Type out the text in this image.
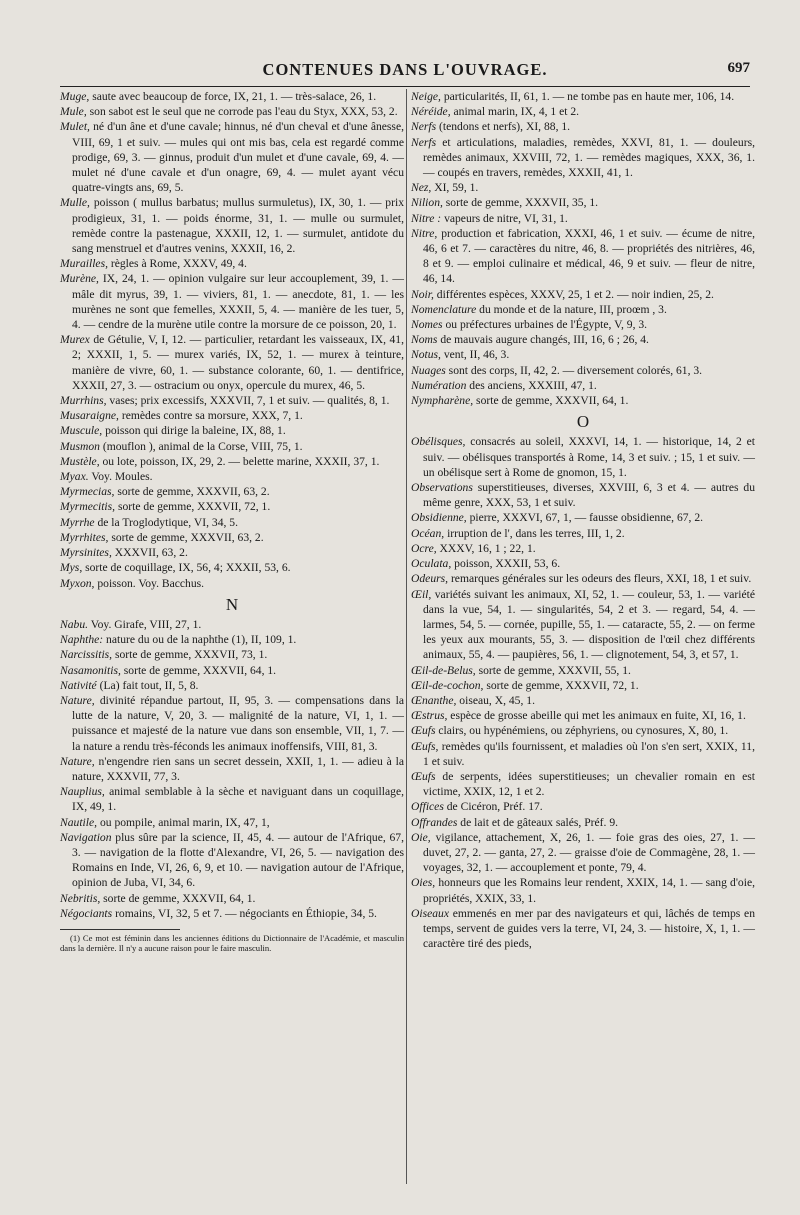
CONTENUES DANS L'OUVRAGE.	697

Muge, saute avec beaucoup de force, IX, 21, 1. — très-salace, 26, 1.

Mule, son sabot est le seul que ne corrode pas l'eau du Styx, XXX, 53, 2.

Mulet, né d'un âne et d'une cavale; hinnus, né d'un cheval et d'une ânesse, VIII, 69, 1 et suiv. — mules qui ont mis bas, cela est regardé comme prodige, 69, 3. — ginnus, produit d'un mulet et d'une cavale, 69, 4. — mulet né d'une cavale et d'un onagre, 69, 4. — mulet ayant vécu quatre-vingts ans, 69, 5.

Mulle, poisson ( mullus barbatus; mullus surmuletus), IX, 30, 1. — prix prodigieux, 31, 1. — poids énorme, 31, 1. — mulle ou surmulet, remède contre la pastenague, XXXII, 12, 1. — surmulet, antidote du sang menstruel et d'autres venins, XXXII, 16, 2.

Murailles, règles à Rome, XXXV, 49, 4.

Murène, IX, 24, 1. — opinion vulgaire sur leur accouplement, 39, 1. — mâle dit myrus, 39, 1. — viviers, 81, 1. — anecdote, 81, 1. — les murènes ne sont que femelles, XXXII, 5, 4. — manière de les tuer, 5, 4. — cendre de la murène utile contre la morsure de ce poisson, 20, 1.

Murex de Gétulie, V, I, 12. — particulier, retardant les vaisseaux, IX, 41, 2; XXXII, 1, 5. — murex variés, IX, 52, 1. — murex à teinture, manière de vivre, 60, 1. — substance colorante, 60, 1. — dentifrice, XXXII, 27, 3. — ostracium ou onyx, opercule du murex, 46, 5.

Murrhins, vases; prix excessifs, XXXVII, 7, 1 et suiv. — qualités, 8, 1.

Musaraigne, remèdes contre sa morsure, XXX, 7, 1.

Muscule, poisson qui dirige la baleine, IX, 88, 1.

Musmon (mouflon ), animal de la Corse, VIII, 75, 1.

Mustèle, ou lote, poisson, IX, 29, 2. — belette marine, XXXII, 37, 1.

Myax. Voy. Moules.

Myrmecias, sorte de gemme, XXXVII, 63, 2.

Myrmecitis, sorte de gemme, XXXVII, 72, 1.

Myrrhe de la Troglodytique, VI, 34, 5.

Myrrhites, sorte de gemme, XXXVII, 63, 2.

Myrsinites, XXXVII, 63, 2.

Mys, sorte de coquillage, IX, 56, 4; XXXII, 53, 6.

Myxon, poisson. Voy. Bacchus.

N

Nabu. Voy. Girafe, VIII, 27, 1.

Naphthe: nature du ou de la naphthe (1), II, 109, 1.

Narcissitis, sorte de gemme, XXXVII, 73, 1.

Nasamonitis, sorte de gemme, XXXVII, 64, 1.

Nativité (La) fait tout, II, 5, 8.

Nature, divinité répandue partout, II, 95, 3. — compensations dans la lutte de la nature, V, 20, 3. — malignité de la nature, VI, 1, 1. — puissance et majesté de la nature vue dans son ensemble, VII, 1, 7. — la nature a rendu très-féconds les animaux inoffensifs, VIII, 81, 3.

Nature, n'engendre rien sans un secret dessein, XXII, 1, 1. — adieu à la nature, XXXVII, 77, 3.

Nauplius, animal semblable à la sèche et naviguant dans un coquillage, IX, 49, 1.

Nautile, ou pompile, animal marin, IX, 47, 1,

Navigation plus sûre par la science, II, 45, 4. — autour de l'Afrique, 67, 3. — navigation de la flotte d'Alexandre, VI, 26, 5. — navigation des Romains en Inde, VI, 26, 6, 9, et 10. — navigation autour de l'Afrique, opinion de Juba, VI, 34, 6.

Nebritis, sorte de gemme, XXXVII, 64, 1.

Négociants romains, VI, 32, 5 et 7. — négociants en Éthiopie, 34, 5.

(1) Ce mot est féminin dans les anciennes éditions du Dictionnaire de l'Académie, et masculin dans la dernière. Il n'y a aucune raison pour le faire masculin.

Neige, particularités, II, 61, 1. — ne tombe pas en haute mer, 106, 14.

Néréide, animal marin, IX, 4, 1 et 2.

Nerfs (tendons et nerfs), XI, 88, 1.

Nerfs et articulations, maladies, remèdes, XXVI, 81, 1. — douleurs, remèdes animaux, XXVIII, 72, 1. — remèdes magiques, XXX, 36, 1. — coupés en travers, remèdes, XXXII, 41, 1.

Nez, XI, 59, 1.

Nilion, sorte de gemme, XXXVII, 35, 1.

Nitre : vapeurs de nitre, VI, 31, 1.

Nitre, production et fabrication, XXXI, 46, 1 et suiv. — écume de nitre, 46, 6 et 7. — caractères du nitre, 46, 8. — propriétés des nitrières, 46, 8 et 9. — emploi culinaire et médical, 46, 9 et suiv. — fleur de nitre, 46, 14.

Noir, différentes espèces, XXXV, 25, 1 et 2. — noir indien, 25, 2.

Nomenclature du monde et de la nature, III, proœm , 3.

Nomes ou préfectures urbaines de l'Égypte, V, 9, 3.

Noms de mauvais augure changés, III, 16, 6 ; 26, 4.

Notus, vent, II, 46, 3.

Nuages sont des corps, II, 42, 2. — diversement colorés, 61, 3.

Numération des anciens, XXXIII, 47, 1.

Nympharène, sorte de gemme, XXXVII, 64, 1.

O

Obélisques, consacrés au soleil, XXXVI, 14, 1. — historique, 14, 2 et suiv. — obélisques transportés à Rome, 14, 3 et suiv. ; 15, 1 et suiv. — un obélisque sert à Rome de gnomon, 15, 1.

Observations superstitieuses, diverses, XXVIII, 6, 3 et 4. — autres du même genre, XXX, 53, 1 et suiv.

Obsidienne, pierre, XXXVI, 67, 1, — fausse obsidienne, 67, 2.

Océan, irruption de l', dans les terres, III, 1, 2.

Ocre, XXXV, 16, 1 ; 22, 1.

Oculata, poisson, XXXII, 53, 6.

Odeurs, remarques générales sur les odeurs des fleurs, XXI, 18, 1 et suiv.

Œil, variétés suivant les animaux, XI, 52, 1. — couleur, 53, 1. — variété dans la vue, 54, 1. — singularités, 54, 2 et 3. — regard, 54, 4. — larmes, 54, 5. — cornée, pupille, 55, 1. — cataracte, 55, 2. — on ferme les yeux aux mourants, 55, 3. — disposition de l'œil chez différents animaux, 55, 4. — paupières, 56, 1. — clignotement, 54, 3, et 57, 1.

Œil-de-Belus, sorte de gemme, XXXVII, 55, 1.

Œil-de-cochon, sorte de gemme, XXXVII, 72, 1.

Œnanthe, oiseau, X, 45, 1.

Œstrus, espèce de grosse abeille qui met les animaux en fuite, XI, 16, 1.

Œufs clairs, ou hypénémiens, ou zéphyriens, ou cynosures, X, 80, 1.

Œufs, remèdes qu'ils fournissent, et maladies où l'on s'en sert, XXIX, 11, 1 et suiv.

Œufs de serpents, idées superstitieuses; un chevalier romain en est victime, XXIX, 12, 1 et 2.

Offices de Cicéron, Préf. 17.

Offrandes de lait et de gâteaux salés, Préf. 9.

Oie, vigilance, attachement, X, 26, 1. — foie gras des oies, 27, 1. — duvet, 27, 2. — ganta, 27, 2. — graisse d'oie de Commagène, 28, 1. — voyages, 32, 1. — accouplement et ponte, 79, 4.

Oies, honneurs que les Romains leur rendent, XXIX, 14, 1. — sang d'oie, propriétés, XXIX, 33, 1.

Oiseaux emmenés en mer par des navigateurs et qui, lâchés de temps en temps, servent de guides vers la terre, VI, 24, 3. — histoire, X, 1, 1. — caractère tiré des pieds,
